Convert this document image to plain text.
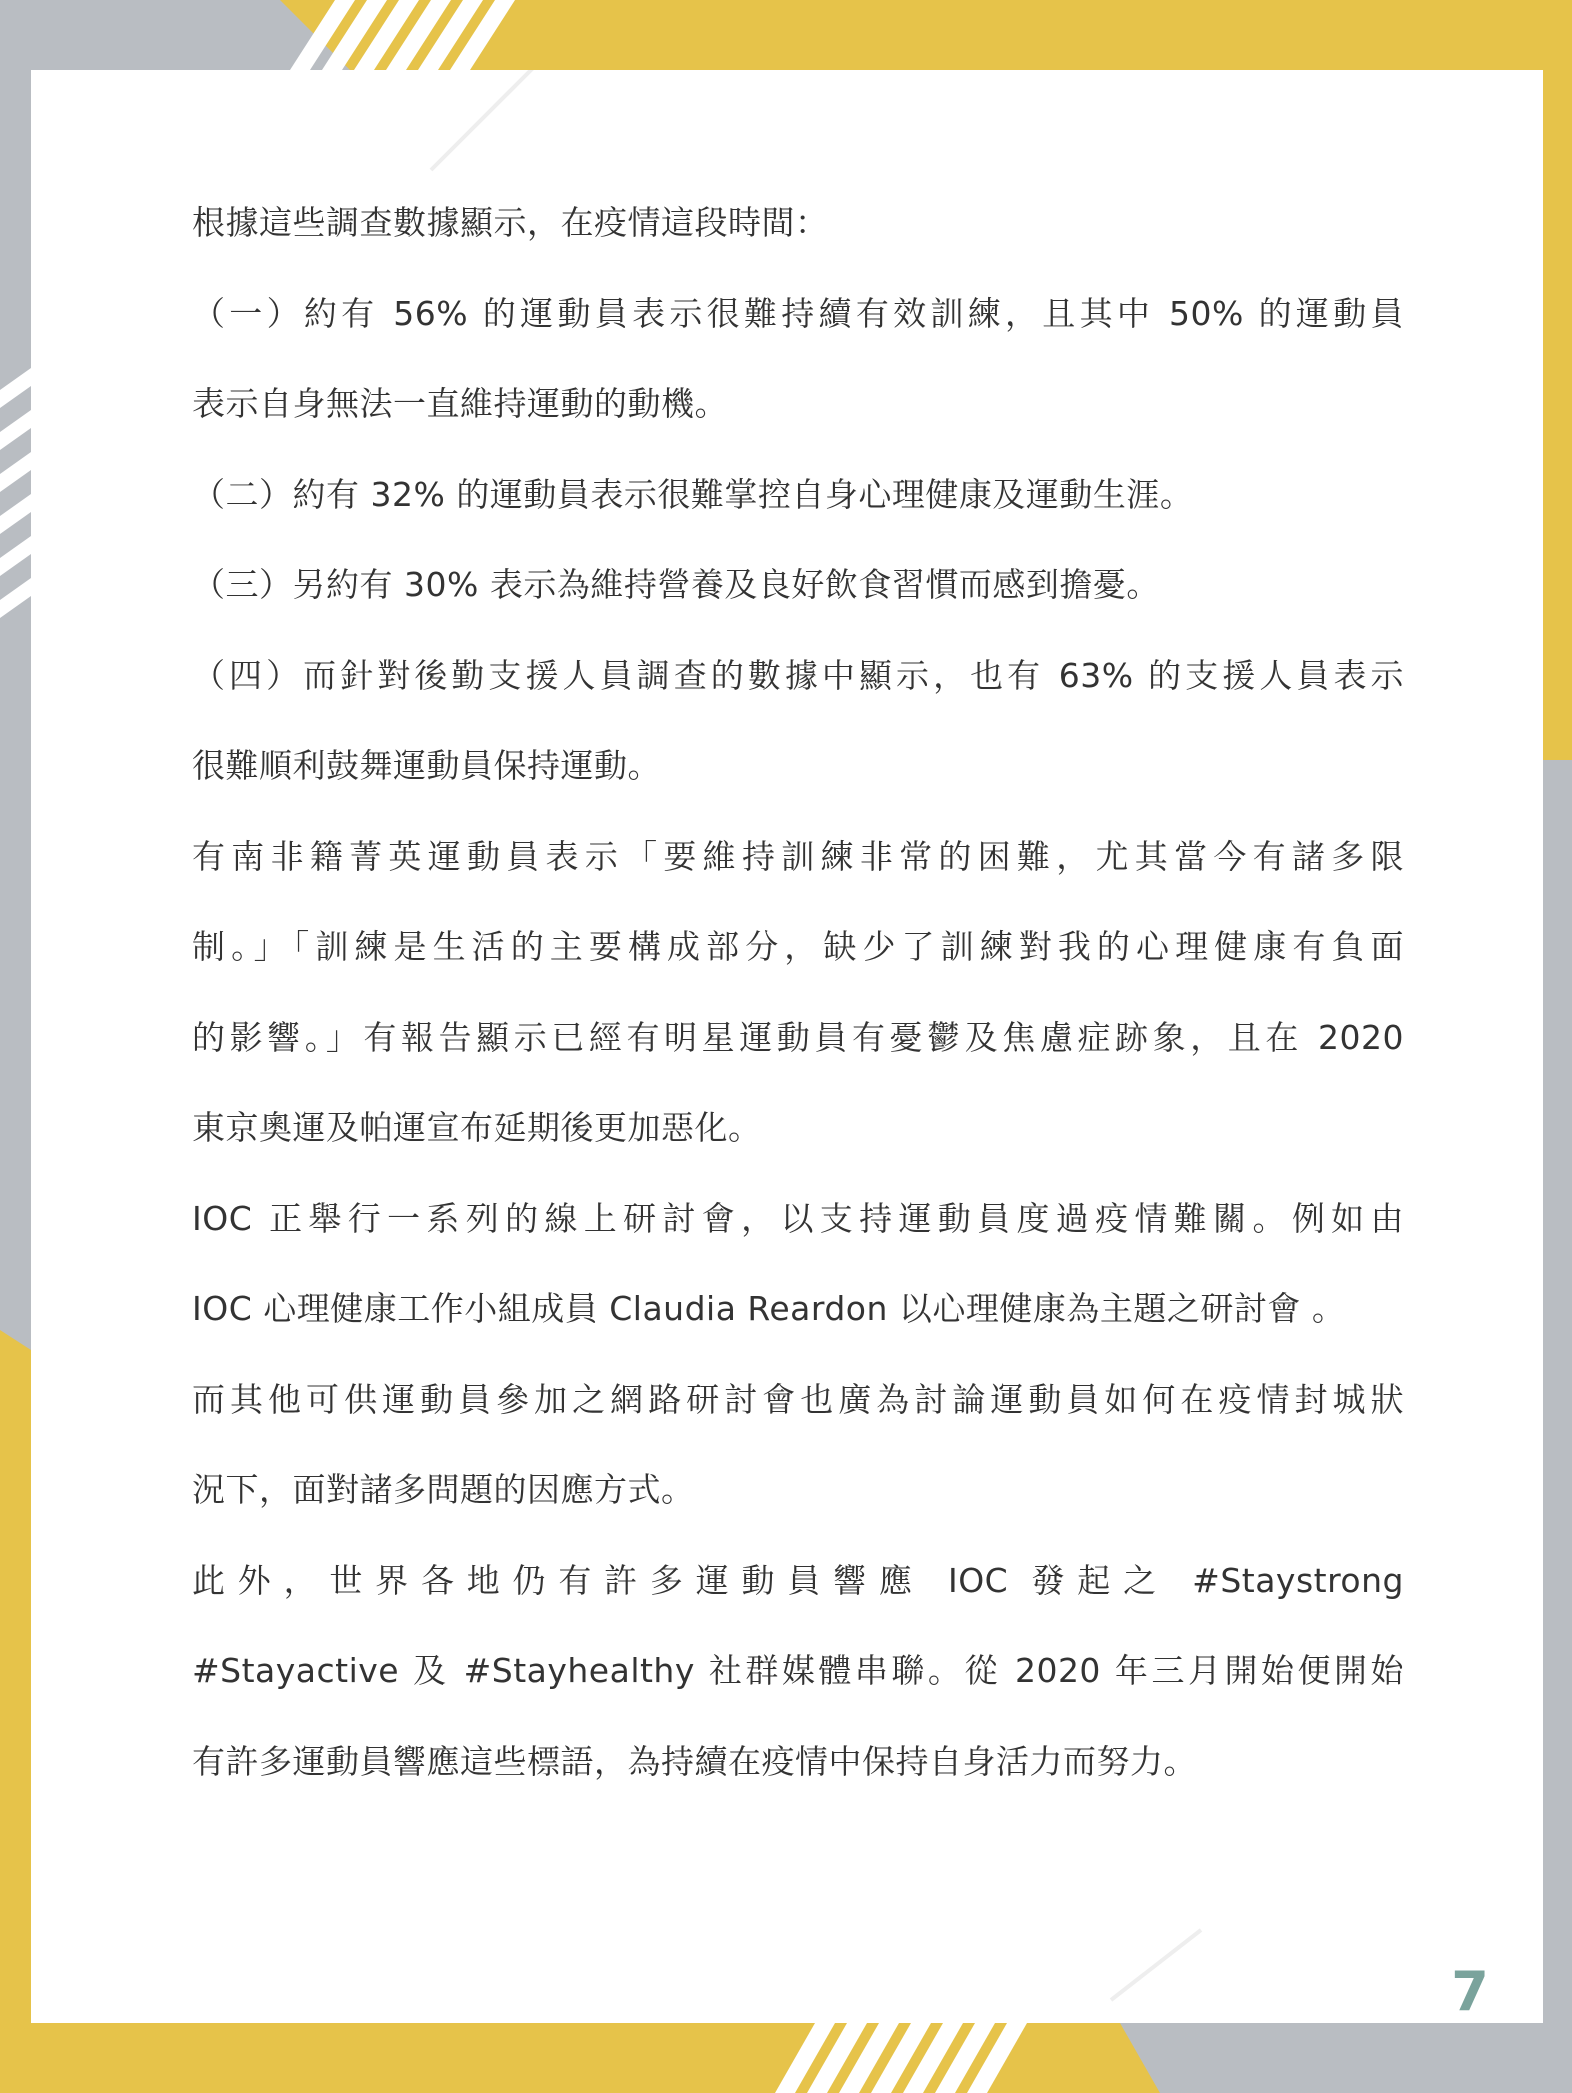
根據這些調查數據顯示，在疫情這段時間：

（一）約有 56% 的運動員表示很難持續有效訓練，且其中 50% 的運動員
表示自身無法一直維持運動的動機。

（二）約有 32% 的運動員表示很難掌控自身心理健康及運動生涯。

（三）另約有 30% 表示為維持營養及良好飲食習慣而感到擔憂。

（四）而針對後勤支援人員調查的數據中顯示，也有 63% 的支援人員表示
很難順利鼓舞運動員保持運動。

有南非籍菁英運動員表示「要維持訓練非常的困難，尤其當今有諸多限
制。」「訓練是生活的主要構成部分，缺少了訓練對我的心理健康有負面
的影響。」有報告顯示已經有明星運動員有憂鬱及焦慮症跡象，且在 2020
東京奧運及帕運宣布延期後更加惡化。

IOC 正舉行一系列的線上研討會，以支持運動員度過疫情難關。例如由
IOC 心理健康工作小組成員 Claudia Reardon 以心理健康為主題之研討會 。
而其他可供運動員參加之網路研討會也廣為討論運動員如何在疫情封城狀
況下，面對諸多問題的因應方式。

此外，世界各地仍有許多運動員響應 IOC 發起之 #Staystrong
#Stayactive 及 #Stayhealthy 社群媒體串聯。從 2020 年三月開始便開始
有許多運動員響應這些標語，為持續在疫情中保持自身活力而努力。

7
